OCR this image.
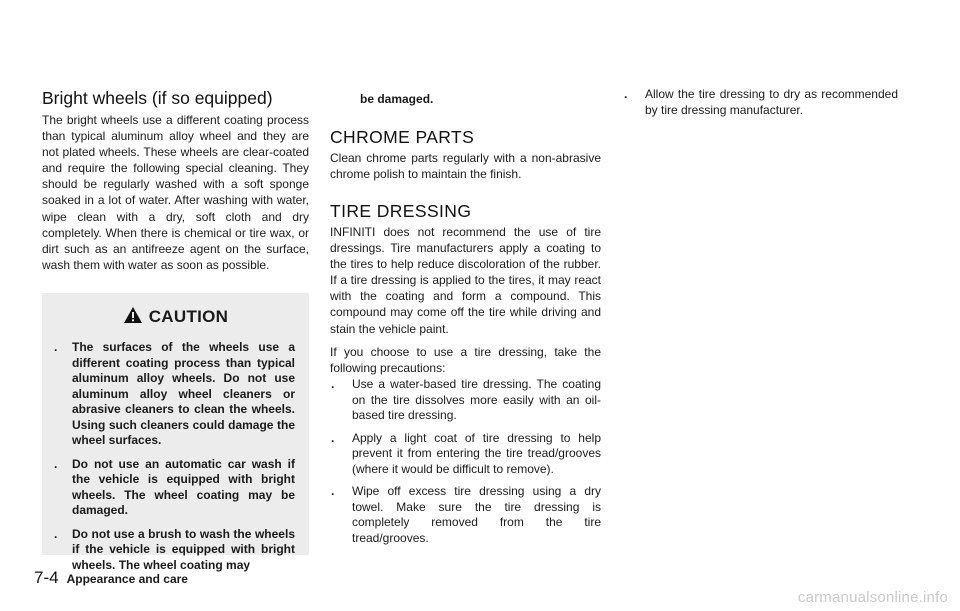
Bright wheels (if so equipped)

The bright wheels use a different coating process than typical aluminum alloy wheel and they are not plated wheels. These wheels are clear-coated and require the following special cleaning. They should be regularly washed with a soft sponge soaked in a lot of water. After washing with water, wipe clean with a dry, soft cloth and dry completely. When there is chemical or tire wax, or dirt such as an antifreeze agent on the surface, wash them with water as soon as possible.

CAUTION
. The surfaces of the wheels use a different coating process than typical aluminum alloy wheels. Do not use aluminum alloy wheel cleaners or abrasive cleaners to clean the wheels. Using such cleaners could damage the wheel surfaces.
. Do not use an automatic car wash if the vehicle is equipped with bright wheels. The wheel coating may be damaged.
. Do not use a brush to wash the wheels if the vehicle is equipped with bright wheels. The wheel coating may
be damaged.
CHROME PARTS

Clean chrome parts regularly with a non-abrasive chrome polish to maintain the finish.

TIRE DRESSING

INFINITI does not recommend the use of tire dressings. Tire manufacturers apply a coating to the tires to help reduce discoloration of the rubber. If a tire dressing is applied to the tires, it may react with the coating and form a compound. This compound may come off the tire while driving and stain the vehicle paint.

If you choose to use a tire dressing, take the following precautions:

. Use a water-based tire dressing. The coating on the tire dissolves more easily with an oil-based tire dressing.
. Apply a light coat of tire dressing to help prevent it from entering the tire tread/grooves (where it would be difficult to remove).
. Wipe off excess tire dressing using a dry towel. Make sure the tire dressing is completely removed from the tire tread/grooves.
. Allow the tire dressing to dry as recommended by tire dressing manufacturer.
7-4 Appearance and care
carmanualsonline.info
